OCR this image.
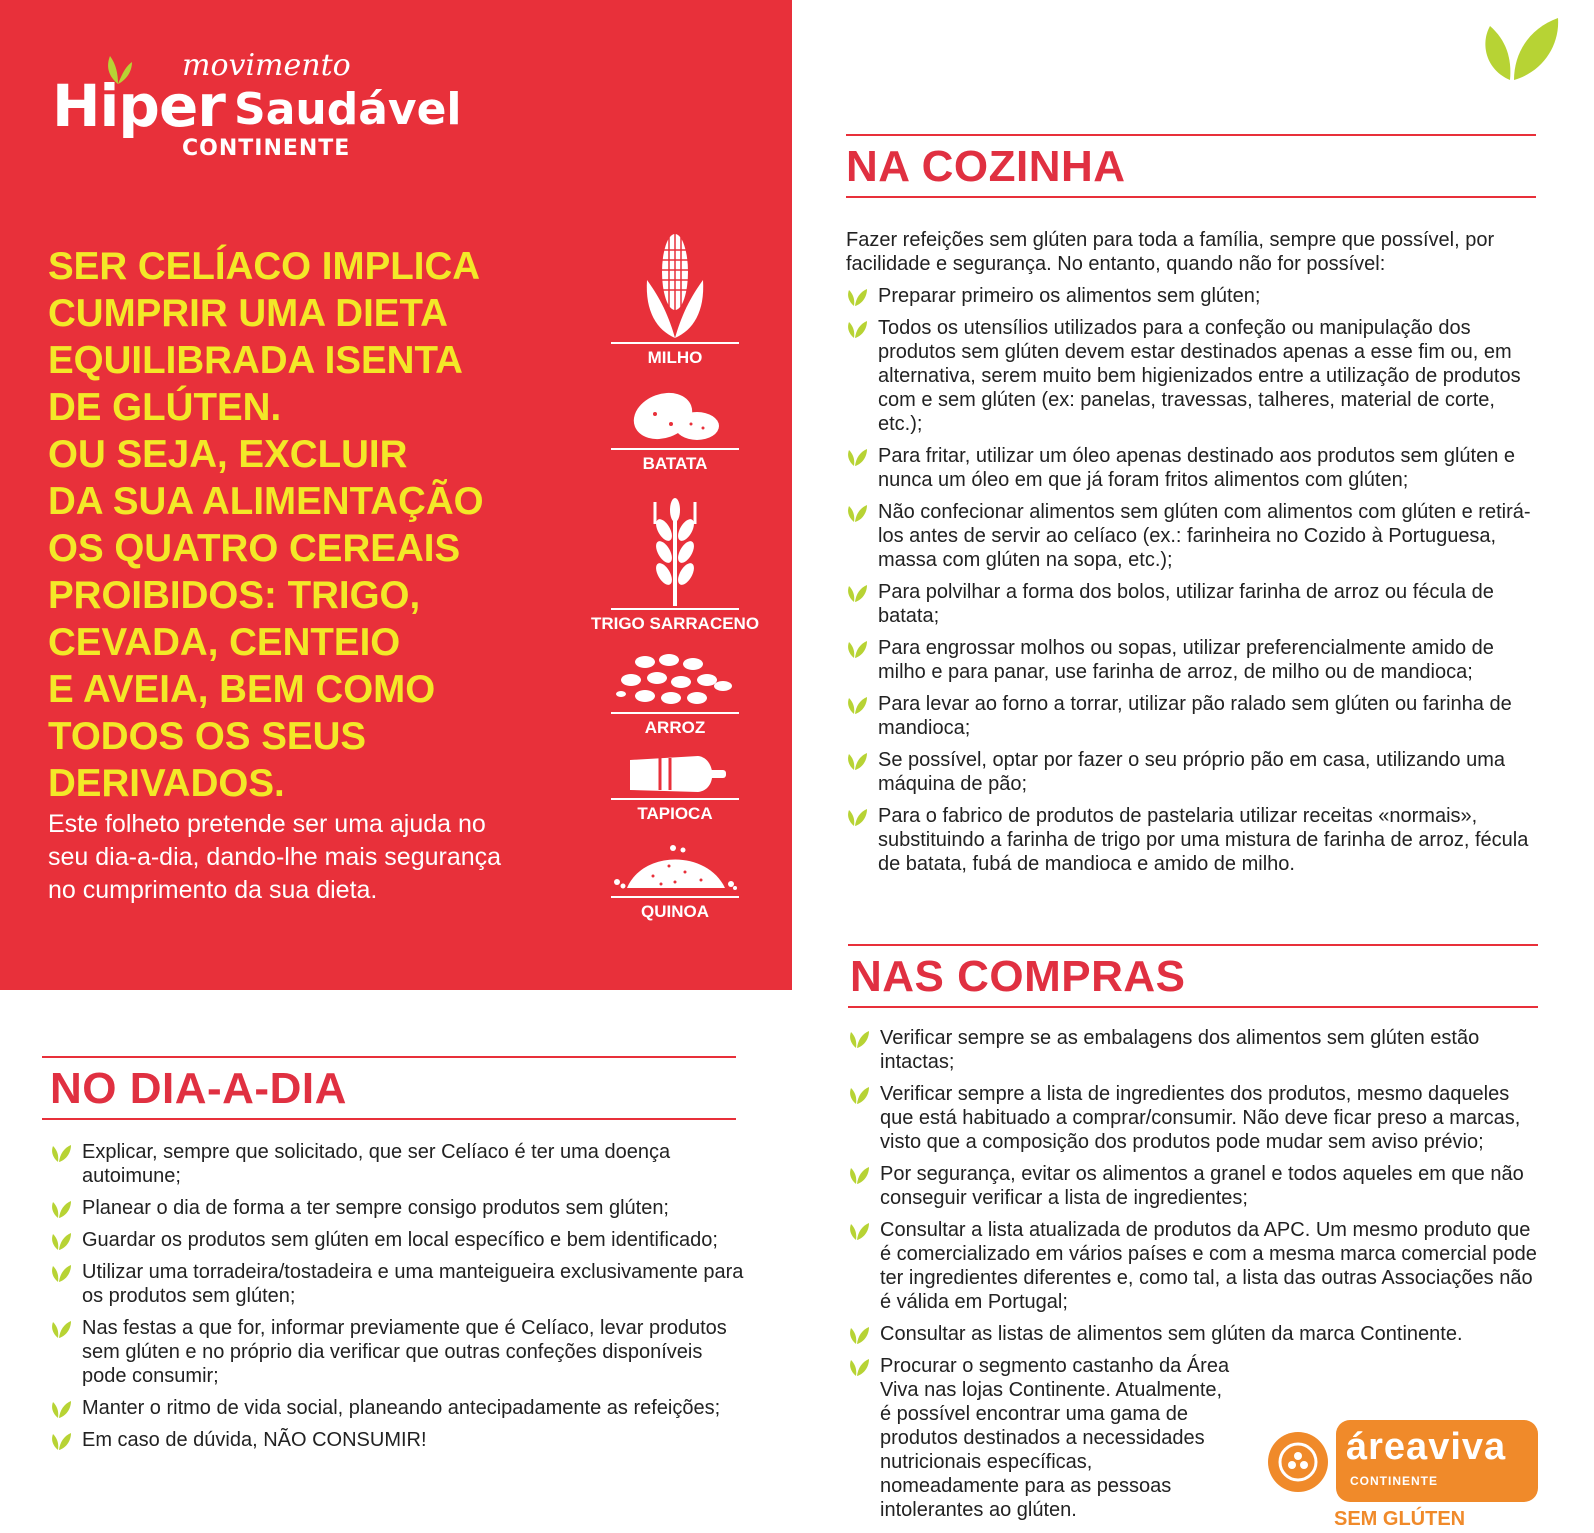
movimento
Hiper Saudável
CONTINENTE
SER CELÍACO IMPLICA
CUMPRIR UMA DIETA
EQUILIBRADA ISENTA
DE GLÚTEN.
OU SEJA, EXCLUIR
DA SUA ALIMENTAÇÃO
OS QUATRO CEREAIS
PROIBIDOS: TRIGO,
CEVADA, CENTEIO
E AVEIA, BEM COMO
TODOS OS SEUS
DERIVADOS.

Este folheto pretende ser uma ajuda no seu dia-a-dia, dando-lhe mais segurança no cumprimento da sua dieta.

MILHO
BATATA
TRIGO SARRACENO
ARROZ
TAPIOCA
QUINOA
NA COZINHA

Fazer refeições sem glúten para toda a família, sempre que possível, por facilidade e segurança. No entanto, quando não for possível:

Preparar primeiro os alimentos sem glúten;
Todos os utensílios utilizados para a confeção ou manipulação dos produtos sem glúten devem estar destinados apenas a esse fim ou, em alternativa, serem muito bem higienizados entre a utilização de produtos com e sem glúten (ex: panelas, travessas, talheres, material de corte, etc.);
Para fritar, utilizar um óleo apenas destinado aos produtos sem glúten e nunca um óleo em que já foram fritos alimentos com glúten;
Não confecionar alimentos sem glúten com alimentos com glúten e retirá-los antes de servir ao celíaco (ex.: farinheira no Cozido à Portuguesa, massa com glúten na sopa, etc.);
Para polvilhar a forma dos bolos, utilizar farinha de arroz ou fécula de batata;
Para engrossar molhos ou sopas, utilizar preferencialmente amido de milho e para panar, use farinha de arroz, de milho ou de mandioca;
Para levar ao forno a torrar, utilizar pão ralado sem glúten ou farinha de mandioca;
Se possível, optar por fazer o seu próprio pão em casa, utilizando uma máquina de pão;
Para o fabrico de produtos de pastelaria utilizar receitas «normais», substituindo a farinha de trigo por uma mistura de farinha de arroz, fécula de batata, fubá de mandioca e amido de milho.
NO DIA-A-DIA
Explicar, sempre que solicitado, que ser Celíaco é ter uma doença autoimune;
Planear o dia de forma a ter sempre consigo produtos sem glúten;
Guardar os produtos sem glúten em local específico e bem identificado;
Utilizar uma torradeira/tostadeira e uma manteigueira exclusivamente para os produtos sem glúten;
Nas festas a que for, informar previamente que é Celíaco, levar produtos sem glúten e no próprio dia verificar que outras confeções disponíveis pode consumir;
Manter o ritmo de vida social, planeando antecipadamente as refeições;
Em caso de dúvida, NÃO CONSUMIR!
NAS COMPRAS
Verificar sempre se as embalagens dos alimentos sem glúten estão intactas;
Verificar sempre a lista de ingredientes dos produtos, mesmo daqueles que está habituado a comprar/consumir. Não deve ficar preso a marcas, visto que a composição dos produtos pode mudar sem aviso prévio;
Por segurança, evitar os alimentos a granel e todos aqueles em que não conseguir verificar a lista de ingredientes;
Consultar a lista atualizada de produtos da APC. Um mesmo produto que é comercializado em vários países e com a mesma marca comercial pode ter ingredientes diferentes e, como tal, a lista das outras Associações não é válida em Portugal;
Consultar as listas de alimentos sem glúten da marca Continente.
Procurar o segmento castanho da Área Viva nas lojas Continente. Atualmente, é possível encontrar uma gama de produtos destinados a necessidades nutricionais específicas, nomeadamente para as pessoas intolerantes ao glúten.
áreaviva
CONTINENTE
SEM GLÚTEN
